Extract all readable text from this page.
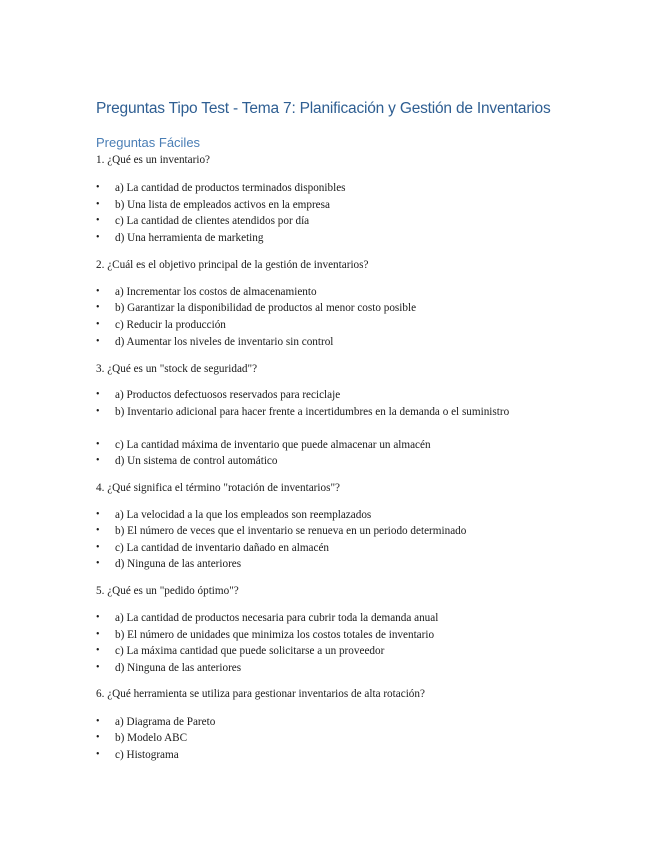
Preguntas Tipo Test - Tema 7: Planificación y Gestión de Inventarios
Preguntas Fáciles
1. ¿Qué es un inventario?
•	a) La cantidad de productos terminados disponibles
•	b) Una lista de empleados activos en la empresa
•	c) La cantidad de clientes atendidos por día
•	d) Una herramienta de marketing
2. ¿Cuál es el objetivo principal de la gestión de inventarios?
•	a) Incrementar los costos de almacenamiento
•	b) Garantizar la disponibilidad de productos al menor costo posible
•	c) Reducir la producción
•	d) Aumentar los niveles de inventario sin control
3. ¿Qué es un "stock de seguridad"?
•	a) Productos defectuosos reservados para reciclaje
•	b) Inventario adicional para hacer frente a incertidumbres en la demanda o el suministro
•	c) La cantidad máxima de inventario que puede almacenar un almacén
•	d) Un sistema de control automático
4. ¿Qué significa el término "rotación de inventarios"?
•	a) La velocidad a la que los empleados son reemplazados
•	b) El número de veces que el inventario se renueva en un periodo determinado
•	c) La cantidad de inventario dañado en almacén
•	d) Ninguna de las anteriores
5. ¿Qué es un "pedido óptimo"?
•	a) La cantidad de productos necesaria para cubrir toda la demanda anual
•	b) El número de unidades que minimiza los costos totales de inventario
•	c) La máxima cantidad que puede solicitarse a un proveedor
•	d) Ninguna de las anteriores
6. ¿Qué herramienta se utiliza para gestionar inventarios de alta rotación?
•	a) Diagrama de Pareto
•	b) Modelo ABC
•	c) Histograma
